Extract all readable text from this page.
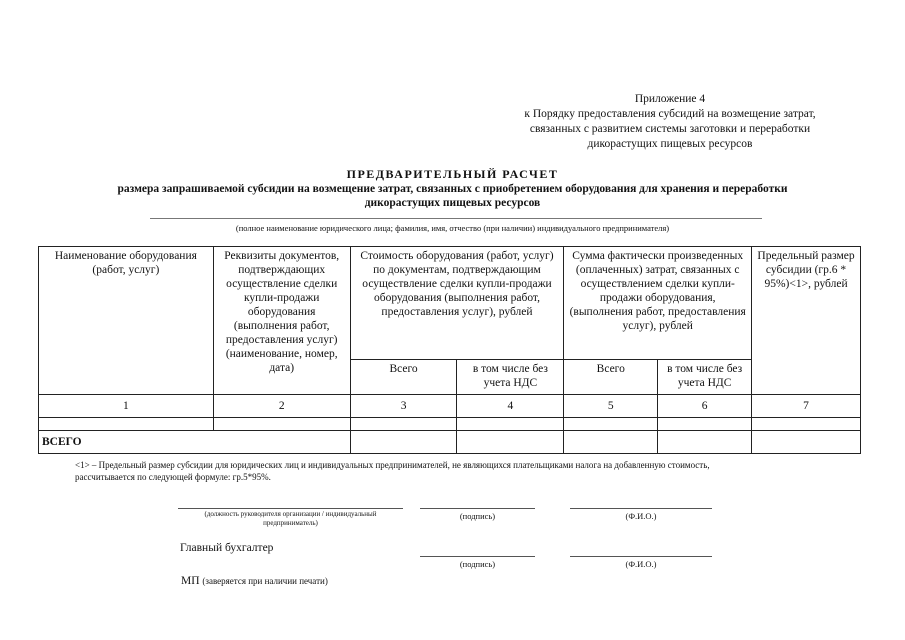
Приложение 4
к Порядку предоставления субсидий на возмещение затрат,
связанных с развитием системы заготовки и переработки
дикорастущих пищевых ресурсов
ПРЕДВАРИТЕЛЬНЫЙ РАСЧЕТ
размера запрашиваемой субсидии на возмещение затрат, связанных с приобретением оборудования для хранения и переработки
дикорастущих пищевых ресурсов
(полное наименование юридического лица; фамилия, имя, отчество (при наличии) индивидуального предпринимателя)
Наименование оборудования (работ, услуг)	Реквизиты документов, подтверждающих осуществление сделки купли-продажи оборудования (выполнения работ, предоставления услуг) (наименование, номер, дата)	Стоимость оборудования (работ, услуг) по документам, подтверждающим осуществление сделки купли-продажи оборудования (выполнения работ, предоставления услуг), рублей		Сумма фактически произведенных (оплаченных) затрат, связанных с осуществлением сделки купли-продажи оборудования, (выполнения работ, предоставления услуг), рублей		Предельный размер субсидии (гр.6 * 95%)<1>, рублей
		Всего	в том числе без учета НДС	Всего	в том числе без учета НДС	
1	2	3	4	5	6	7

ВСЕГО						
<1> – Предельный размер субсидии для юридических лиц и индивидуальных предпринимателей, не являющихся плательщиками налога на добавленную стоимость,
рассчитывается по следующей формуле: гр.5*95%.
(должность руководителя организации / индивидуальный
предприниматель)
(подпись)	(Ф.И.О.)
Главный бухгалтер
(подпись)	(Ф.И.О.)
МП (заверяется при наличии печати)
